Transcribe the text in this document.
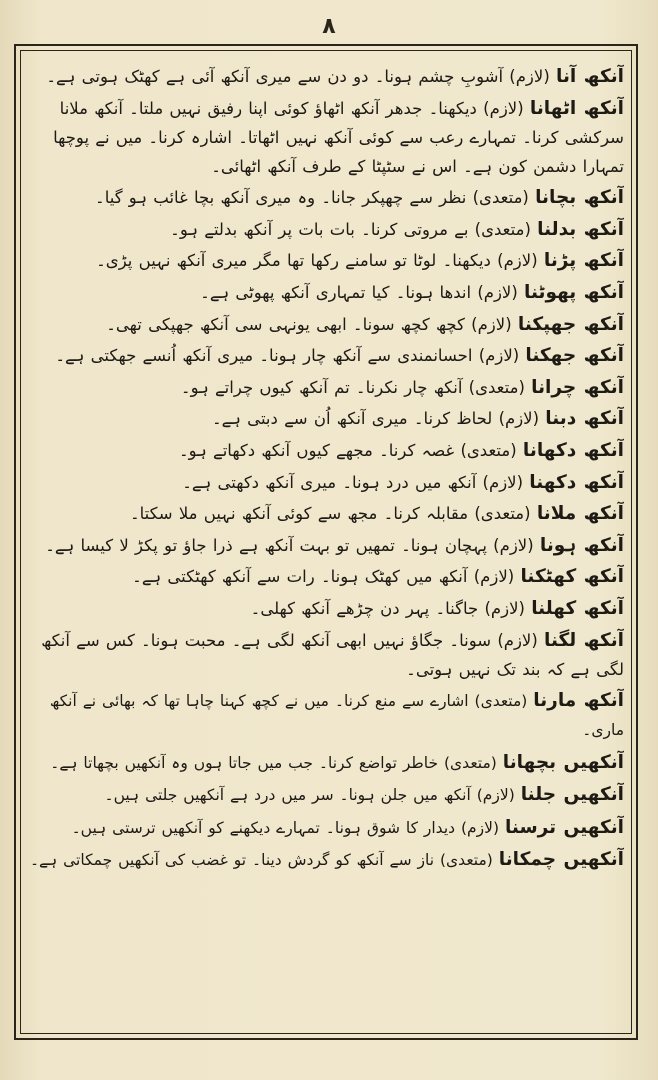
۸

آنکھ آنا (لازم) آشوبِ چشم ہونا۔ دو دن سے میری آنکھ آئی ہے کھٹک ہوتی ہے۔

آنکھ اٹھانا (لازم) دیکھنا۔ جدھر آنکھ اٹھاؤ کوئی اپنا رفیق نہیں ملتا۔ آنکھ ملانا سرکشی کرنا۔ تمہارے رعب سے کوئی آنکھ نہیں اٹھاتا۔ اشارہ کرنا۔ میں نے پوچھا تمہارا دشمن کون ہے۔ اس نے سٹپٹا کے طرف آنکھ اٹھائی۔

آنکھ بچانا (متعدی) نظر سے چھپکر جانا۔ وہ میری آنکھ بچا غائب ہو گیا۔

آنکھ بدلنا (متعدی) بے مروتی کرنا۔ بات بات پر آنکھ بدلتے ہو۔

آنکھ پڑنا (لازم) دیکھنا۔ لوٹا تو سامنے رکھا تھا مگر میری آنکھ نہیں پڑی۔

آنکھ پھوٹنا (لازم) اندھا ہونا۔ کیا تمہاری آنکھ پھوٹی ہے۔

آنکھ جھپکنا (لازم) کچھ کچھ سونا۔ ابھی یونہی سی آنکھ جھپکی تھی۔

آنکھ جھکنا (لازم) احسانمندی سے آنکھ چار ہونا۔ میری آنکھ اُنسے جھکتی ہے۔

آنکھ چرانا (متعدی) آنکھ چار نکرنا۔ تم آنکھ کیوں چراتے ہو۔

آنکھ دبنا (لازم) لحاظ کرنا۔ میری آنکھ اُن سے دبتی ہے۔

آنکھ دکھانا (متعدی) غصہ کرنا۔ مجھے کیوں آنکھ دکھاتے ہو۔

آنکھ دکھنا (لازم) آنکھ میں درد ہونا۔ میری آنکھ دکھتی ہے۔

آنکھ ملانا (متعدی) مقابلہ کرنا۔ مجھ سے کوئی آنکھ نہیں ملا سکتا۔

آنکھ ہونا (لازم) پہچان ہونا۔ تمھیں تو بہت آنکھ ہے ذرا جاؤ تو پکڑ لا کیسا ہے۔

آنکھ کھٹکنا (لازم) آنکھ میں کھٹک ہونا۔ رات سے آنکھ کھٹکتی ہے۔

آنکھ کھلنا (لازم) جاگنا۔ پہر دن چڑھے آنکھ کھلی۔

آنکھ لگنا (لازم) سونا۔ جگاؤ نہیں ابھی آنکھ لگی ہے۔ محبت ہونا۔ کس سے آنکھ لگی ہے کہ بند تک نہیں ہوتی۔

آنکھ مارنا (متعدی) اشارے سے منع کرنا۔ میں نے کچھ کہنا چاہا تھا کہ بھائی نے آنکھ ماری۔

آنکھیں بچھانا (متعدی) خاطر تواضع کرنا۔ جب میں جاتا ہوں وہ آنکھیں بچھاتا ہے۔

آنکھیں جلنا (لازم) آنکھ میں جلن ہونا۔ سر میں درد ہے آنکھیں جلتی ہیں۔

آنکھیں ترسنا (لازم) دیدار کا شوق ہونا۔ تمہارے دیکھنے کو آنکھیں ترستی ہیں۔

آنکھیں چمکانا (متعدی) ناز سے آنکھ کو گردش دینا۔ تو غضب کی آنکھیں چمکاتی ہے۔
